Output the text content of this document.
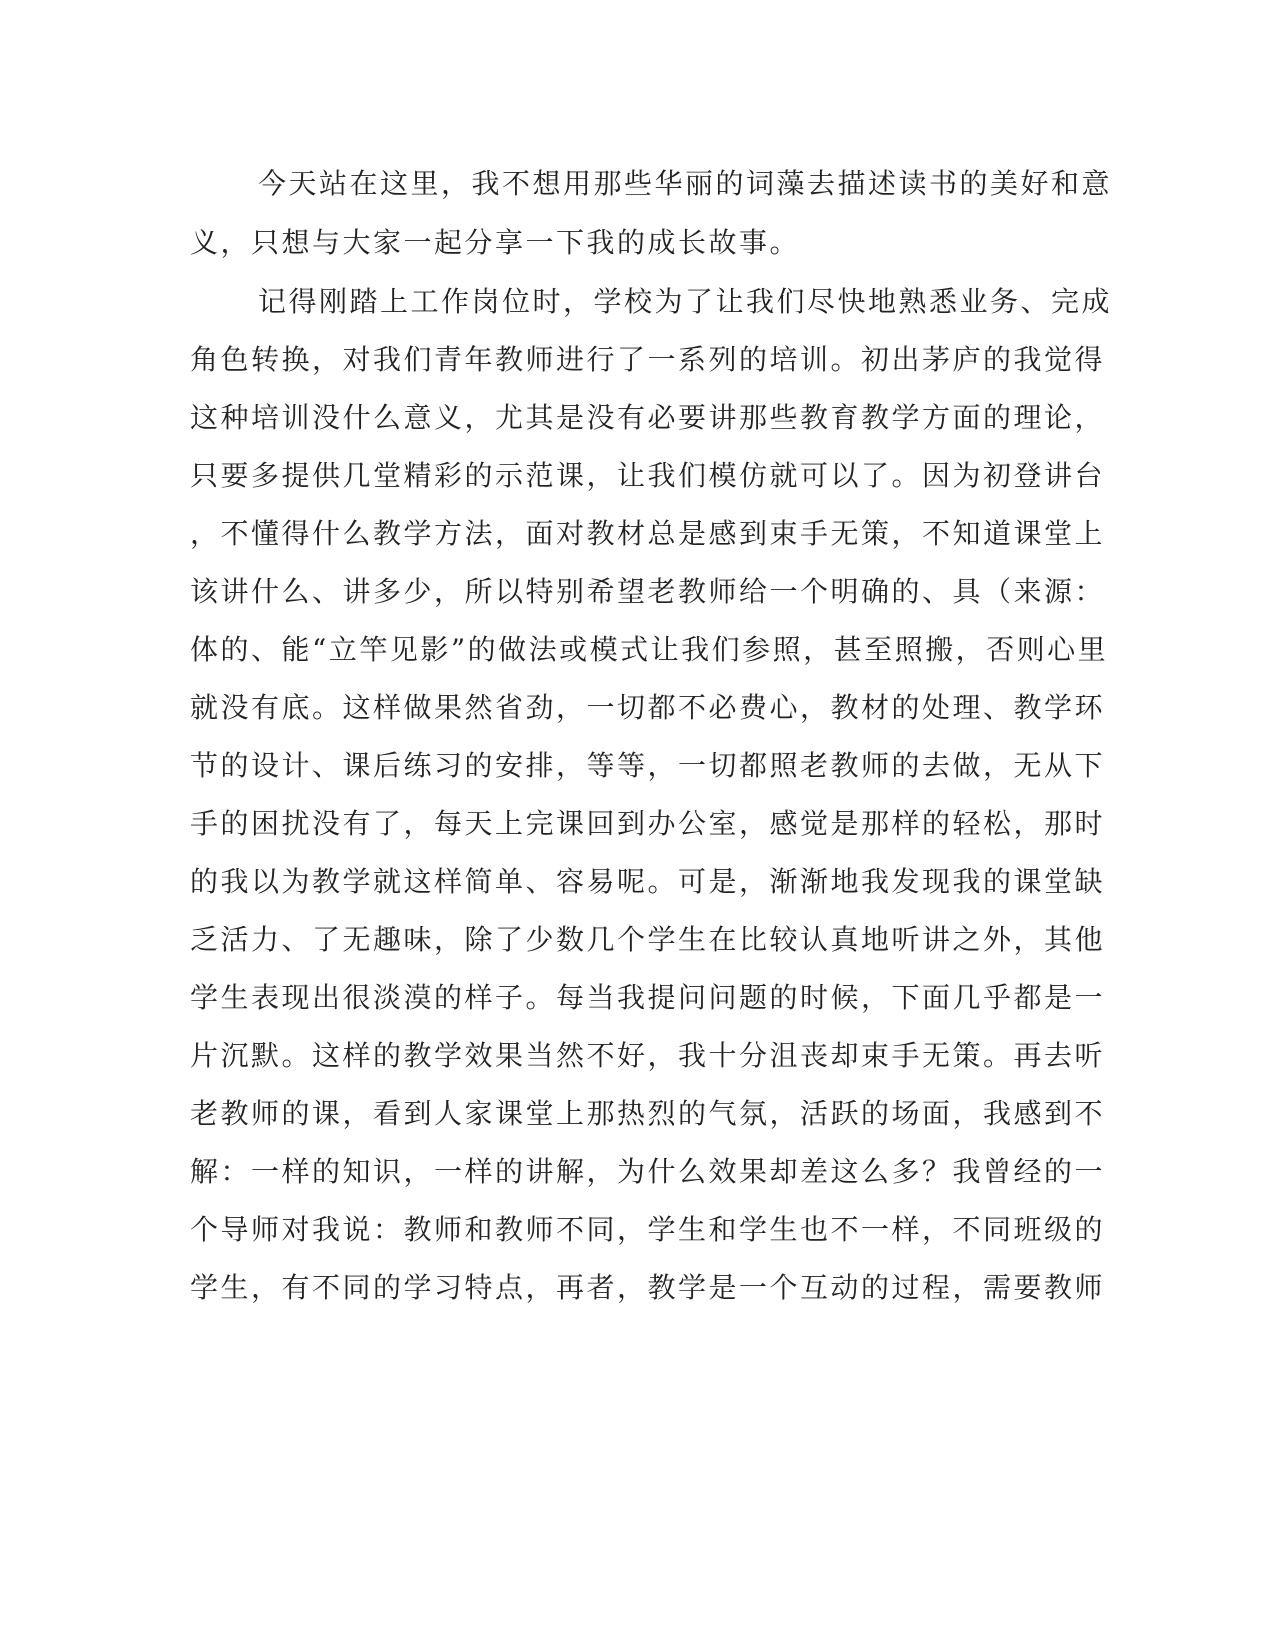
今天站在这里，我不想用那些华丽的词藻去描述读书的美好和意
义，只想与大家一起分享一下我的成长故事。
记得刚踏上工作岗位时，学校为了让我们尽快地熟悉业务、完成
角色转换，对我们青年教师进行了一系列的培训。初出茅庐的我觉得
这种培训没什么意义，尤其是没有必要讲那些教育教学方面的理论，
只要多提供几堂精彩的示范课，让我们模仿就可以了。因为初登讲台
，不懂得什么教学方法，面对教材总是感到束手无策，不知道课堂上
该讲什么、讲多少，所以特别希望老教师给一个明确的、具（来源：
体的、能“立竿见影”的做法或模式让我们参照，甚至照搬，否则心里
就没有底。这样做果然省劲，一切都不必费心，教材的处理、教学环
节的设计、课后练习的安排，等等，一切都照老教师的去做，无从下
手的困扰没有了，每天上完课回到办公室，感觉是那样的轻松，那时
的我以为教学就这样简单、容易呢。可是，渐渐地我发现我的课堂缺
乏活力、了无趣味，除了少数几个学生在比较认真地听讲之外，其他
学生表现出很淡漠的样子。每当我提问问题的时候，下面几乎都是一
片沉默。这样的教学效果当然不好，我十分沮丧却束手无策。再去听
老教师的课，看到人家课堂上那热烈的气氛，活跃的场面，我感到不
解：一样的知识，一样的讲解，为什么效果却差这么多？我曾经的一
个导师对我说：教师和教师不同，学生和学生也不一样，不同班级的
学生，有不同的学习特点，再者，教学是一个互动的过程，需要教师
